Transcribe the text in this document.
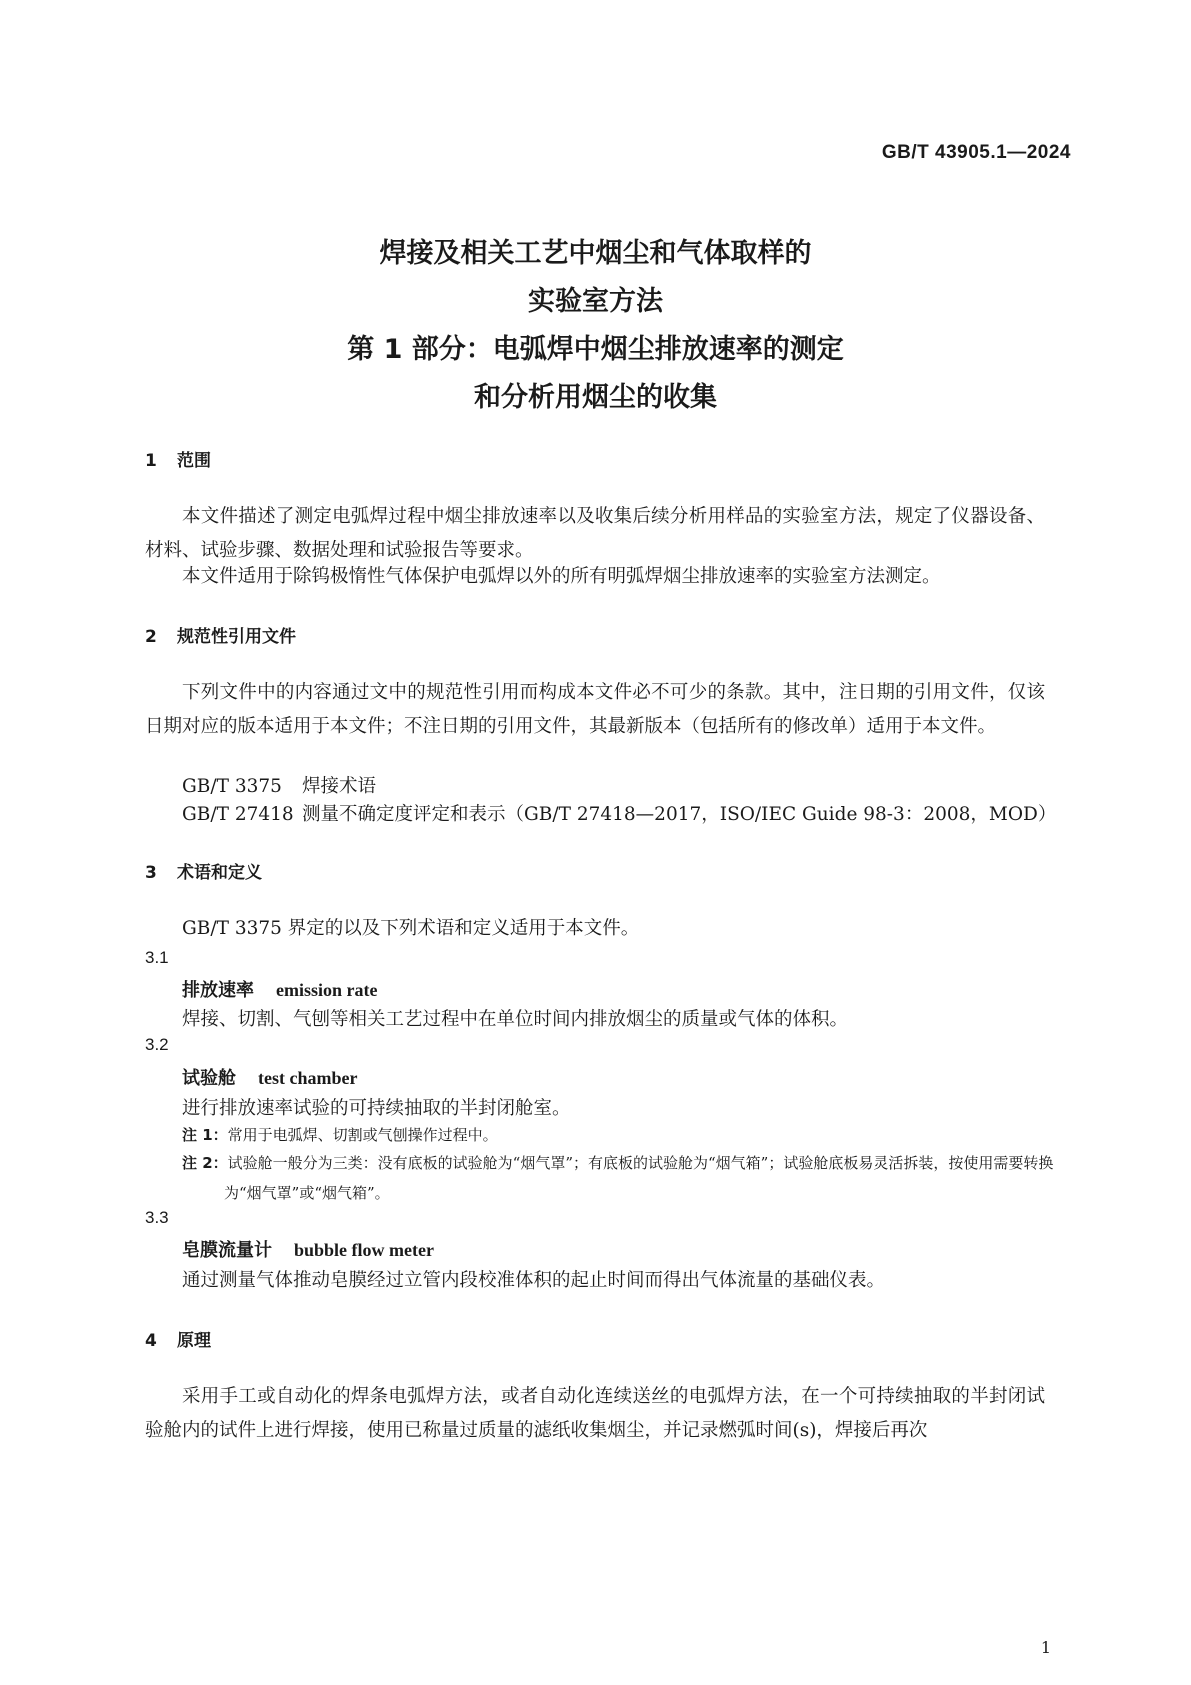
GB/T 43905.1—2024
焊接及相关工艺中烟尘和气体取样的
实验室方法
第 1 部分：电弧焊中烟尘排放速率的测定
和分析用烟尘的收集
1 范围
本文件描述了测定电弧焊过程中烟尘排放速率以及收集后续分析用样品的实验室方法，规定了仪器设备、材料、试验步骤、数据处理和试验报告等要求。
本文件适用于除钨极惰性气体保护电弧焊以外的所有明弧焊烟尘排放速率的实验室方法测定。
2 规范性引用文件
下列文件中的内容通过文中的规范性引用而构成本文件必不可少的条款。其中，注日期的引用文件，仅该日期对应的版本适用于本文件；不注日期的引用文件，其最新版本（包括所有的修改单）适用于本文件。
GB/T 3375 焊接术语
GB/T 27418 测量不确定度评定和表示（GB/T 27418—2017，ISO/IEC Guide 98-3：2008，MOD）
3 术语和定义
GB/T 3375 界定的以及下列术语和定义适用于本文件。
3.1
排放速率 emission rate
焊接、切割、气刨等相关工艺过程中在单位时间内排放烟尘的质量或气体的体积。
3.2
试验舱 test chamber
进行排放速率试验的可持续抽取的半封闭舱室。
注 1：常用于电弧焊、切割或气刨操作过程中。
注 2：试验舱一般分为三类：没有底板的试验舱为“烟气罩”；有底板的试验舱为“烟气箱”；试验舱底板易灵活拆装，按使用需要转换为“烟气罩”或“烟气箱”。
3.3
皂膜流量计 bubble flow meter
通过测量气体推动皂膜经过立管内段校准体积的起止时间而得出气体流量的基础仪表。
4 原理
采用手工或自动化的焊条电弧焊方法，或者自动化连续送丝的电弧焊方法，在一个可持续抽取的半封闭试验舱内的试件上进行焊接，使用已称量过质量的滤纸收集烟尘，并记录燃弧时间(s)，焊接后再次
1
